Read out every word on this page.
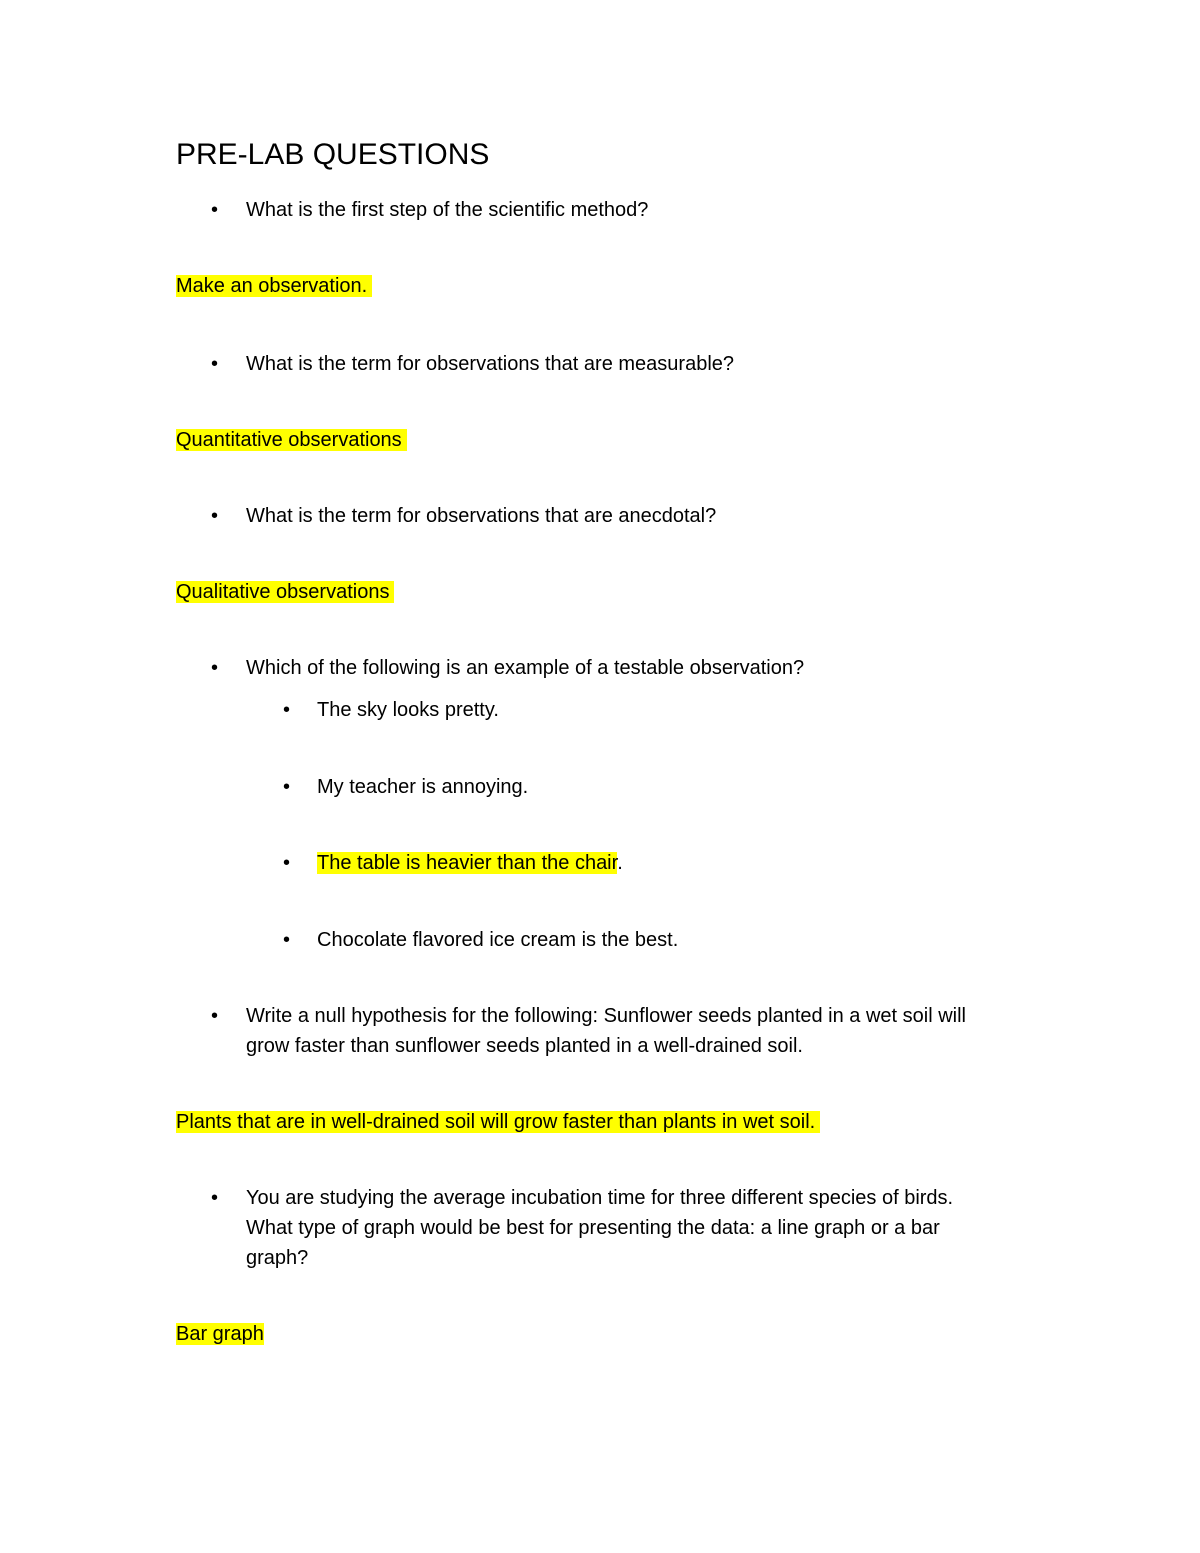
PRE-LAB QUESTIONS
• What is the first step of the scientific method?
Make an observation.
• What is the term for observations that are measurable?
Quantitative observations
• What is the term for observations that are anecdotal?
Qualitative observations
• Which of the following is an example of a testable observation?
• The sky looks pretty.
• My teacher is annoying.
• The table is heavier than the chair.
• Chocolate flavored ice cream is the best.
• Write a null hypothesis for the following: Sunflower seeds planted in a wet soil will
grow faster than sunflower seeds planted in a well-drained soil.
Plants that are in well-drained soil will grow faster than plants in wet soil.
• You are studying the average incubation time for three different species of birds.
What type of graph would be best for presenting the data: a line graph or a bar
graph?
Bar graph
